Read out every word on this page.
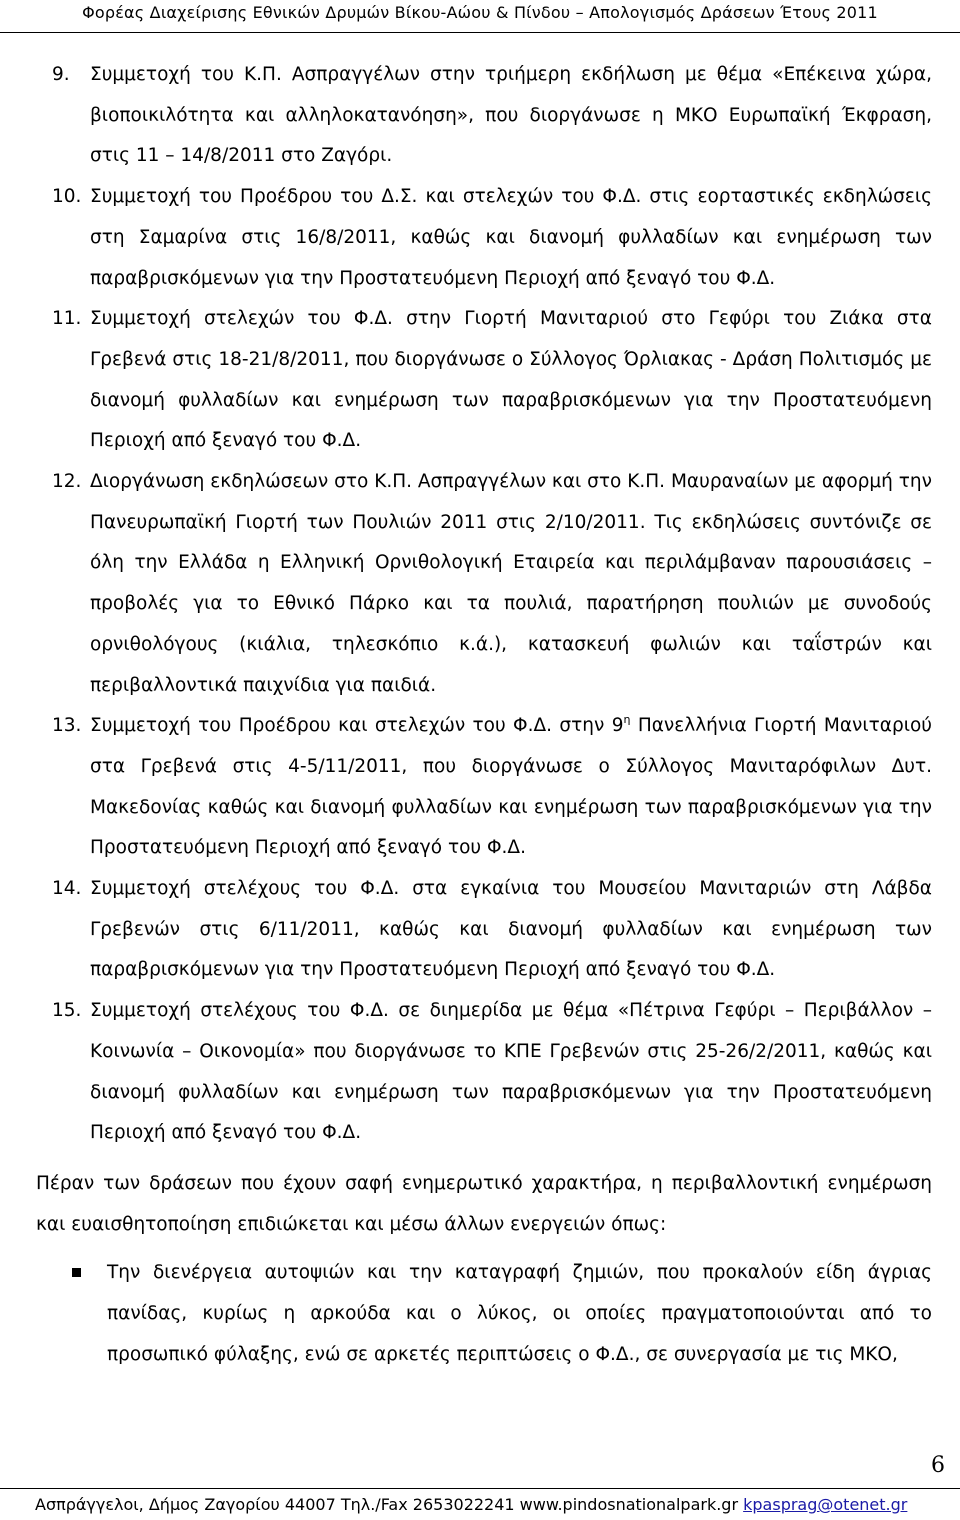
Φορέας Διαχείρισης Εθνικών Δρυμών Βίκου-Αώου & Πίνδου – Απολογισμός Δράσεων Έτους 2011
9. Συμμετοχή του Κ.Π. Ασπραγγέλων στην τριήμερη εκδήλωση με θέμα «Επέκεινα χώρα, βιοποικιλότητα και αλληλοκατανόηση», που διοργάνωσε η ΜΚΟ Ευρωπαϊκή Έκφραση, στις 11 – 14/8/2011 στο Ζαγόρι.
10. Συμμετοχή του Προέδρου του Δ.Σ. και στελεχών του Φ.Δ. στις εορταστικές εκδηλώσεις στη Σαμαρίνα στις 16/8/2011, καθώς και διανομή φυλλαδίων και ενημέρωση των παραβρισκόμενων για την Προστατευόμενη Περιοχή από ξεναγό του Φ.Δ.
11. Συμμετοχή στελεχών του Φ.Δ. στην Γιορτή Μανιταριού στο Γεφύρι του Ζιάκα στα Γρεβενά στις 18-21/8/2011, που διοργάνωσε ο Σύλλογος Όρλιακας - Δράση Πολιτισμός με διανομή φυλλαδίων και ενημέρωση των παραβρισκόμενων για την Προστατευόμενη Περιοχή από ξεναγό του Φ.Δ.
12. Διοργάνωση εκδηλώσεων στο Κ.Π. Ασπραγγέλων και στο Κ.Π. Μαυραναίων με αφορμή την Πανευρωπαϊκή Γιορτή των Πουλιών 2011 στις 2/10/2011. Τις εκδηλώσεις συντόνιζε σε όλη την Ελλάδα η Ελληνική Ορνιθολογική Εταιρεία και περιλάμβαναν παρουσιάσεις – προβολές για το Εθνικό Πάρκο και τα πουλιά, παρατήρηση πουλιών με συνοδούς ορνιθολόγους (κιάλια, τηλεσκόπιο κ.ά.), κατασκευή φωλιών και ταΐστρών και περιβαλλοντικά παιχνίδια για παιδιά.
13. Συμμετοχή του Προέδρου και στελεχών του Φ.Δ. στην $9^\eta$ Πανελλήνια Γιορτή Μανιταριού στα Γρεβενά στις 4-5/11/2011, που διοργάνωσε ο Σύλλογος Μανιταρόφιλων Δυτ. Μακεδονίας καθώς και διανομή φυλλαδίων και ενημέρωση των παραβρισκόμενων για την Προστατευόμενη Περιοχή από ξεναγό του Φ.Δ.
14. Συμμετοχή στελέχους του Φ.Δ. στα εγκαίνια του Μουσείου Μανιταριών στη Λάβδα Γρεβενών στις 6/11/2011, καθώς και διανομή φυλλαδίων και ενημέρωση των παραβρισκόμενων για την Προστατευόμενη Περιοχή από ξεναγό του Φ.Δ.
15. Συμμετοχή στελέχους του Φ.Δ. σε διημερίδα με θέμα «Πέτρινα Γεφύρι – Περιβάλλον – Κοινωνία – Οικονομία» που διοργάνωσε το ΚΠΕ Γρεβενών στις 25-26/2/2011, καθώς και διανομή φυλλαδίων και ενημέρωση των παραβρισκόμενων για την Προστατευόμενη Περιοχή από ξεναγό του Φ.Δ.
Πέραν των δράσεων που έχουν σαφή ενημερωτικό χαρακτήρα, η περιβαλλοντική ενημέρωση και ευαισθητοποίηση επιδιώκεται και μέσω άλλων ενεργειών όπως:
Την διενέργεια αυτοψιών και την καταγραφή ζημιών, που προκαλούν είδη άγριας πανίδας, κυρίως η αρκούδα και ο λύκος, οι οποίες πραγματοποιούνται από το προσωπικό φύλαξης, ενώ σε αρκετές περιπτώσεις ο Φ.Δ., σε συνεργασία με τις ΜΚΟ,
6
Ασπράγγελοι, Δήμος Ζαγορίου 44007 Τηλ./Fax 2653022241 www.pindosnationalpark.gr kpasprag@otenet.gr
